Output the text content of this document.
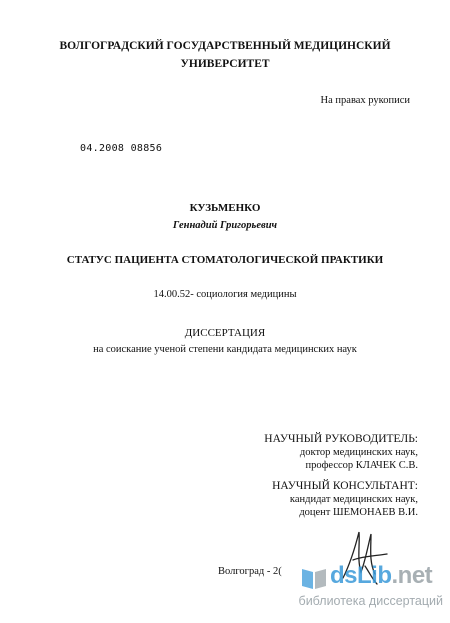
ВОЛГОГРАДСКИЙ ГОСУДАРСТВЕННЫЙ МЕДИЦИНСКИЙ
УНИВЕРСИТЕТ
На правах рукописи
04.2008 08856
КУЗЬМЕНКО
Геннадий Григорьевич
СТАТУС ПАЦИЕНТА СТОМАТОЛОГИЧЕСКОЙ ПРАКТИКИ
14.00.52- социология медицины
ДИССЕРТАЦИЯ
на соискание ученой степени кандидата медицинских наук
НАУЧНЫЙ РУКОВОДИТЕЛЬ:
доктор медицинских наук,
профессор КЛАЧЕК С.В.
НАУЧНЫЙ КОНСУЛЬТАНТ:
кандидат медицинских наук,
доцент ШЕМОНАЕВ В.И.
Волгоград - 2( dsLib.net
библиотека диссертаций
